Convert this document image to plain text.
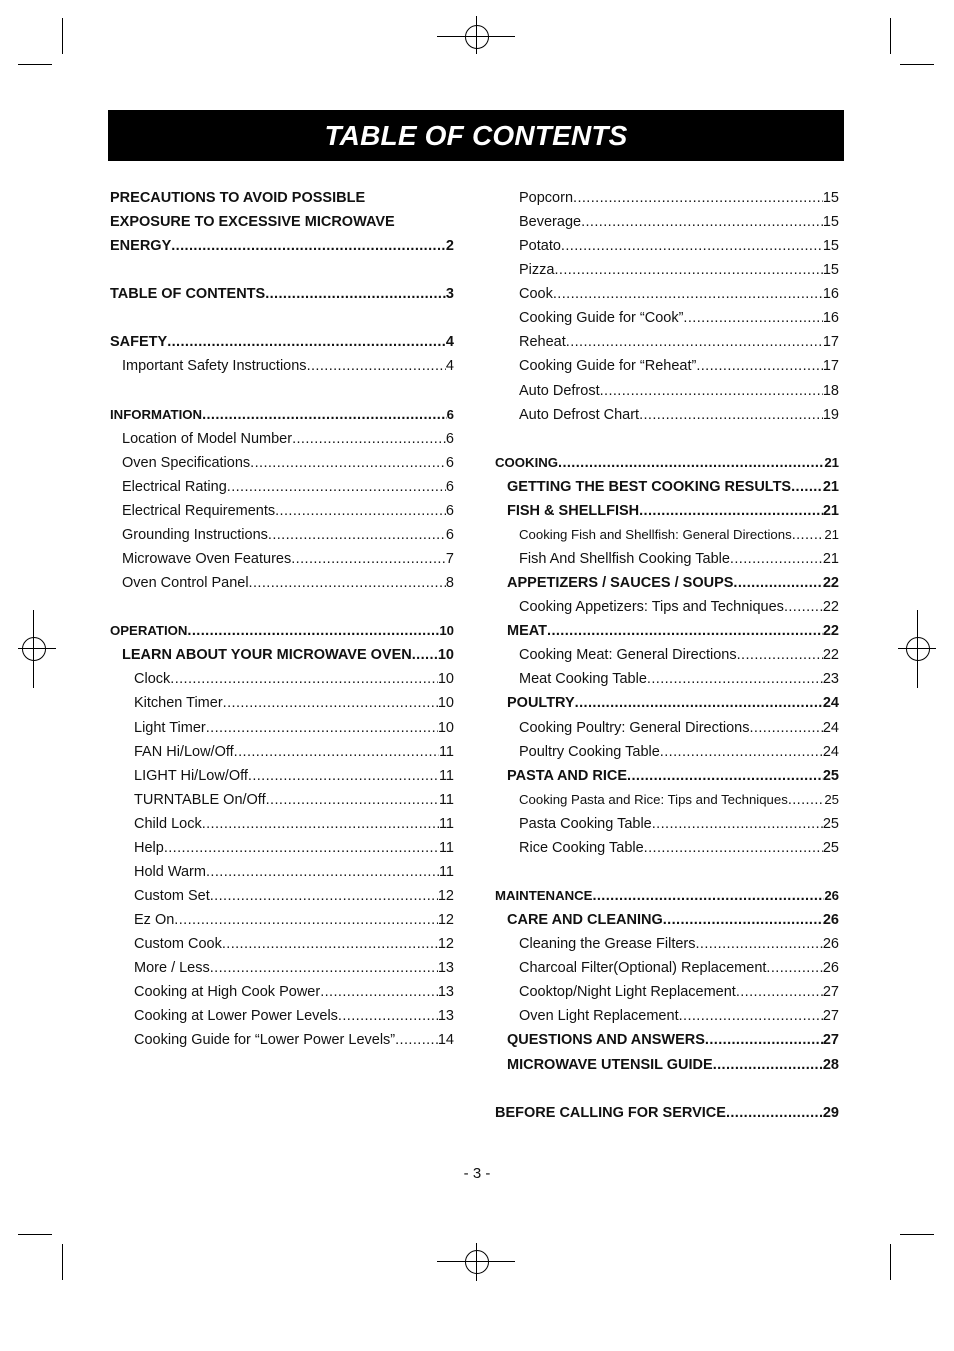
TABLE OF CONTENTS
PRECAUTIONS TO AVOID POSSIBLE
EXPOSURE TO EXCESSIVE MICROWAVE
ENERGY .....	2
TABLE OF CONTENTS .....	3
SAFETY .....	4
Important Safety Instructions .....	4
INFORMATION .....	6
Location of Model Number .....	6
Oven Specifications .....	6
Electrical Rating .....	6
Electrical Requirements .....	6
Grounding Instructions .....	6
Microwave Oven Features .....	7
Oven Control Panel .....	8
OPERATION .....	10
LEARN ABOUT YOUR MICROWAVE OVEN ..... 10
Clock .....	10
Kitchen Timer .....	10
Light Timer .....	10
FAN Hi/Low/Off .....	11
LIGHT Hi/Low/Off .....	11
TURNTABLE On/Off .....	11
Child Lock .....	11
Help .....	11
Hold Warm .....	11
Custom Set .....	12
Ez On .....	12
Custom Cook .....	12
More / Less .....	13
Cooking at High Cook Power .....	13
Cooking at Lower Power Levels .....	13
Cooking Guide for “Lower Power Levels” .....	14
Popcorn .....	15
Beverage .....	15
Potato .....	15
Pizza .....	15
Cook .....	16
Cooking Guide for “Cook” .....	16
Reheat .....	17
Cooking Guide for “Reheat” .....	17
Auto Defrost .....	18
Auto Defrost Chart .....	19
COOKING .....	21
GETTING THE BEST COOKING RESULTS ..... 21
FISH & SHELLFISH .....	21
Cooking Fish and Shellfish: General Directions ..... 21
Fish And Shellfish Cooking Table .....	21
APPETIZERS / SAUCES / SOUPS .....	22
Cooking Appetizers: Tips and Techniques .....	22
MEAT .....	22
Cooking Meat: General Directions .....	22
Meat Cooking Table .....	23
POULTRY .....	24
Cooking Poultry: General Directions .....	24
Poultry Cooking Table .....	24
PASTA AND RICE .....	25
Cooking Pasta and Rice: Tips and Techniques .....	25
Pasta Cooking Table .....	25
Rice Cooking Table .....	25
MAINTENANCE .....	26
CARE AND CLEANING .....	26
Cleaning the Grease Filters .....	26
Charcoal Filter(Optional) Replacement .....	26
Cooktop/Night Light Replacement .....	27
Oven Light Replacement .....	27
QUESTIONS AND ANSWERS .....	27
MICROWAVE UTENSIL GUIDE .....	28
BEFORE CALLING FOR SERVICE .....	29
- 3 -
